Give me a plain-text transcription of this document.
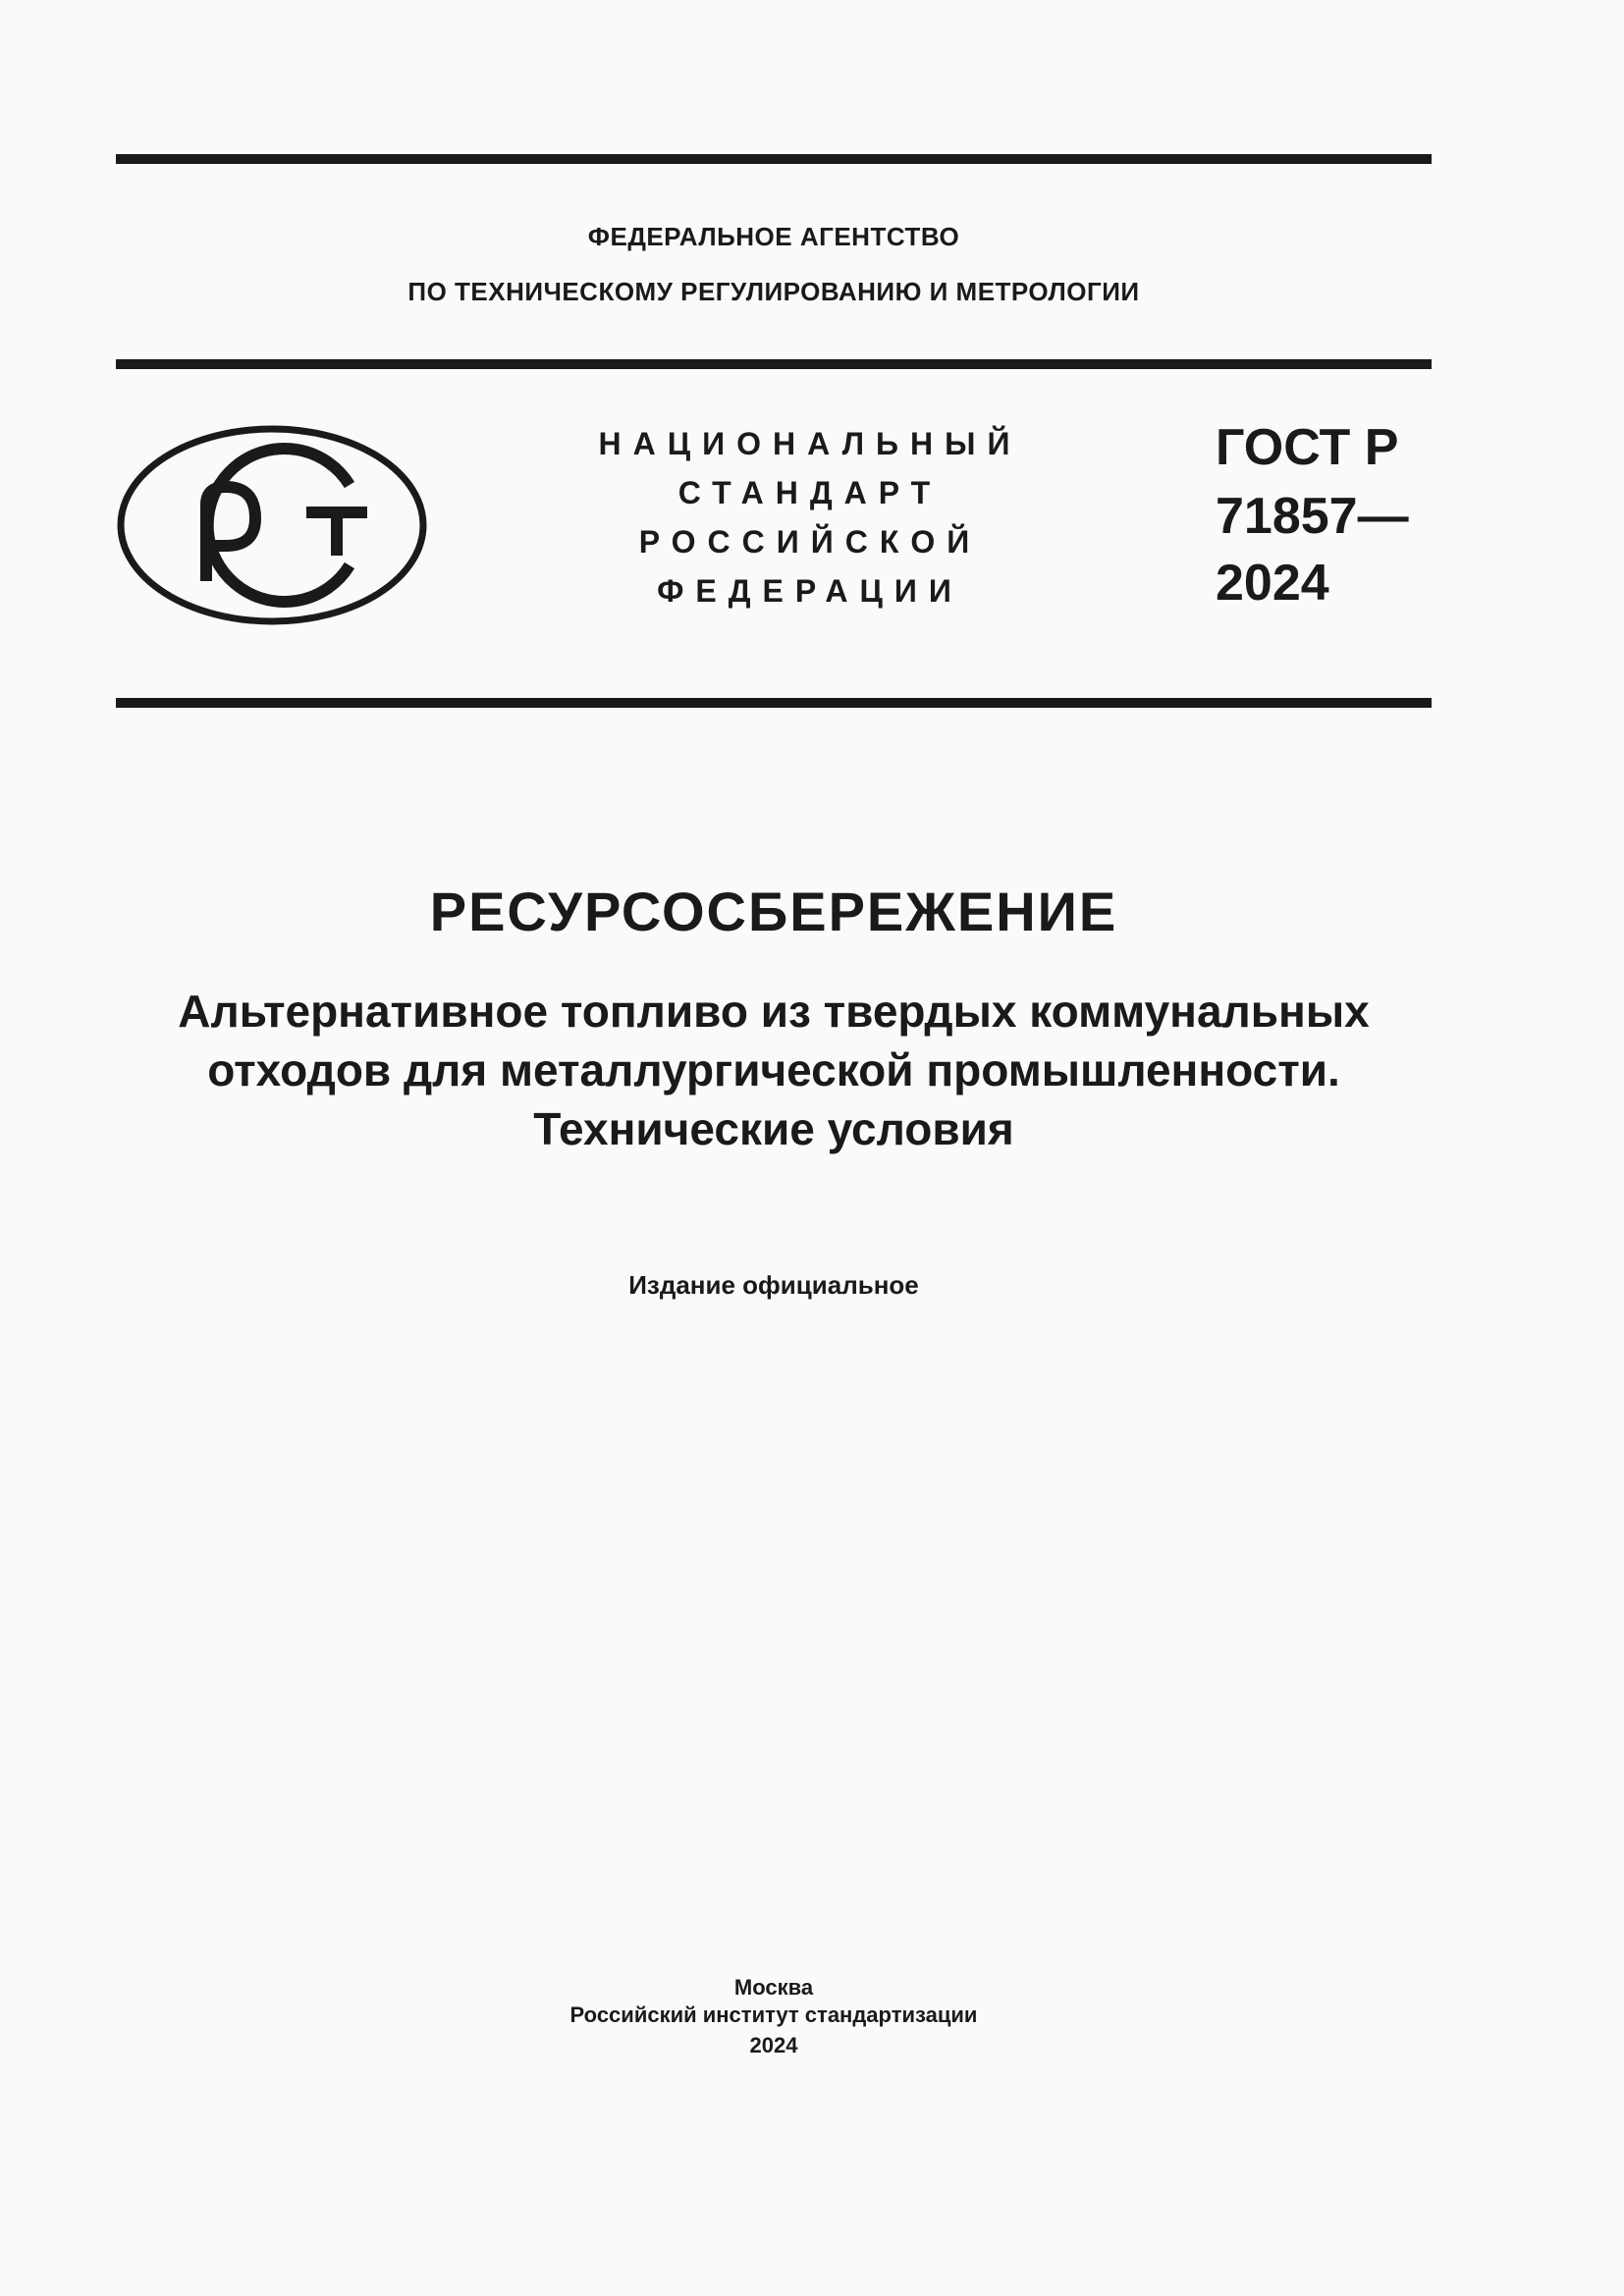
ФЕДЕРАЛЬНОЕ АГЕНТСТВО
ПО ТЕХНИЧЕСКОМУ РЕГУЛИРОВАНИЮ И МЕТРОЛОГИИ
НАЦИОНАЛЬНЫЙ
СТАНДАРТ
РОССИЙСКОЙ
ФЕДЕРАЦИИ
ГОСТ Р
71857—
2024
РЕСУРСОСБЕРЕЖЕНИЕ
Альтернативное топливо из твердых коммунальных
отходов для металлургической промышленности.
Технические условия
Издание официальное
Москва
Российский институт стандартизации
2024
